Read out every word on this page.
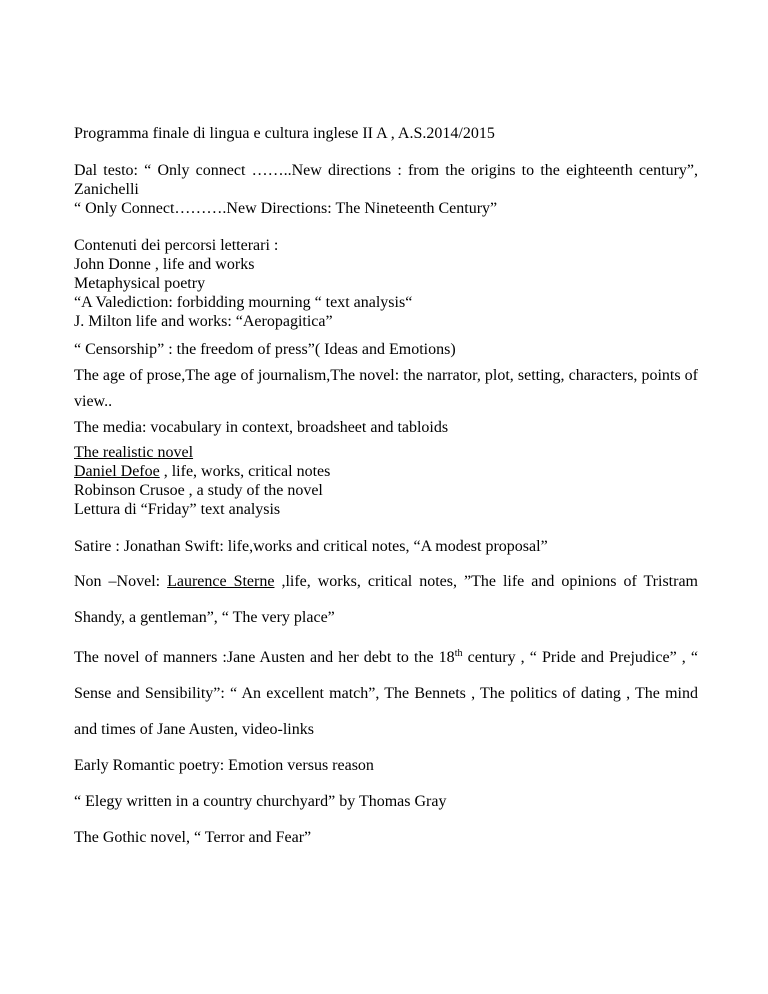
Programma finale di lingua e cultura inglese II A , A.S.2014/2015

Dal testo: “ Only connect ……..New directions : from the origins to the eighteenth century”, Zanichelli

“ Only Connect……….New Directions: The Nineteenth Century”

Contenuti dei percorsi letterari :

John Donne , life and works

Metaphysical poetry

“A Valediction: forbidding mourning “ text analysis“

J. Milton life and works: “Aeropagitica”

“ Censorship” : the freedom of press”( Ideas and Emotions)

The age of prose,The age of journalism,The novel: the narrator, plot, setting, characters, points of view..

The media: vocabulary in context, broadsheet and tabloids

The realistic novel

Daniel Defoe , life, works, critical notes

Robinson Crusoe , a study of the novel

Lettura di “Friday” text analysis

Satire : Jonathan Swift: life,works and critical notes, “A modest proposal”

Non –Novel: Laurence Sterne ,life, works, critical notes, ”The life and opinions of Tristram Shandy, a gentleman”, “ The very place”

The novel of manners :Jane Austen and her debt to the 18th century , “ Pride and Prejudice” , “ Sense and Sensibility”: “ An excellent match”, The Bennets , The politics of dating , The mind and times of Jane Austen, video-links

Early Romantic poetry: Emotion versus reason

“ Elegy written in a country churchyard” by Thomas Gray

The Gothic novel, “ Terror and Fear”
